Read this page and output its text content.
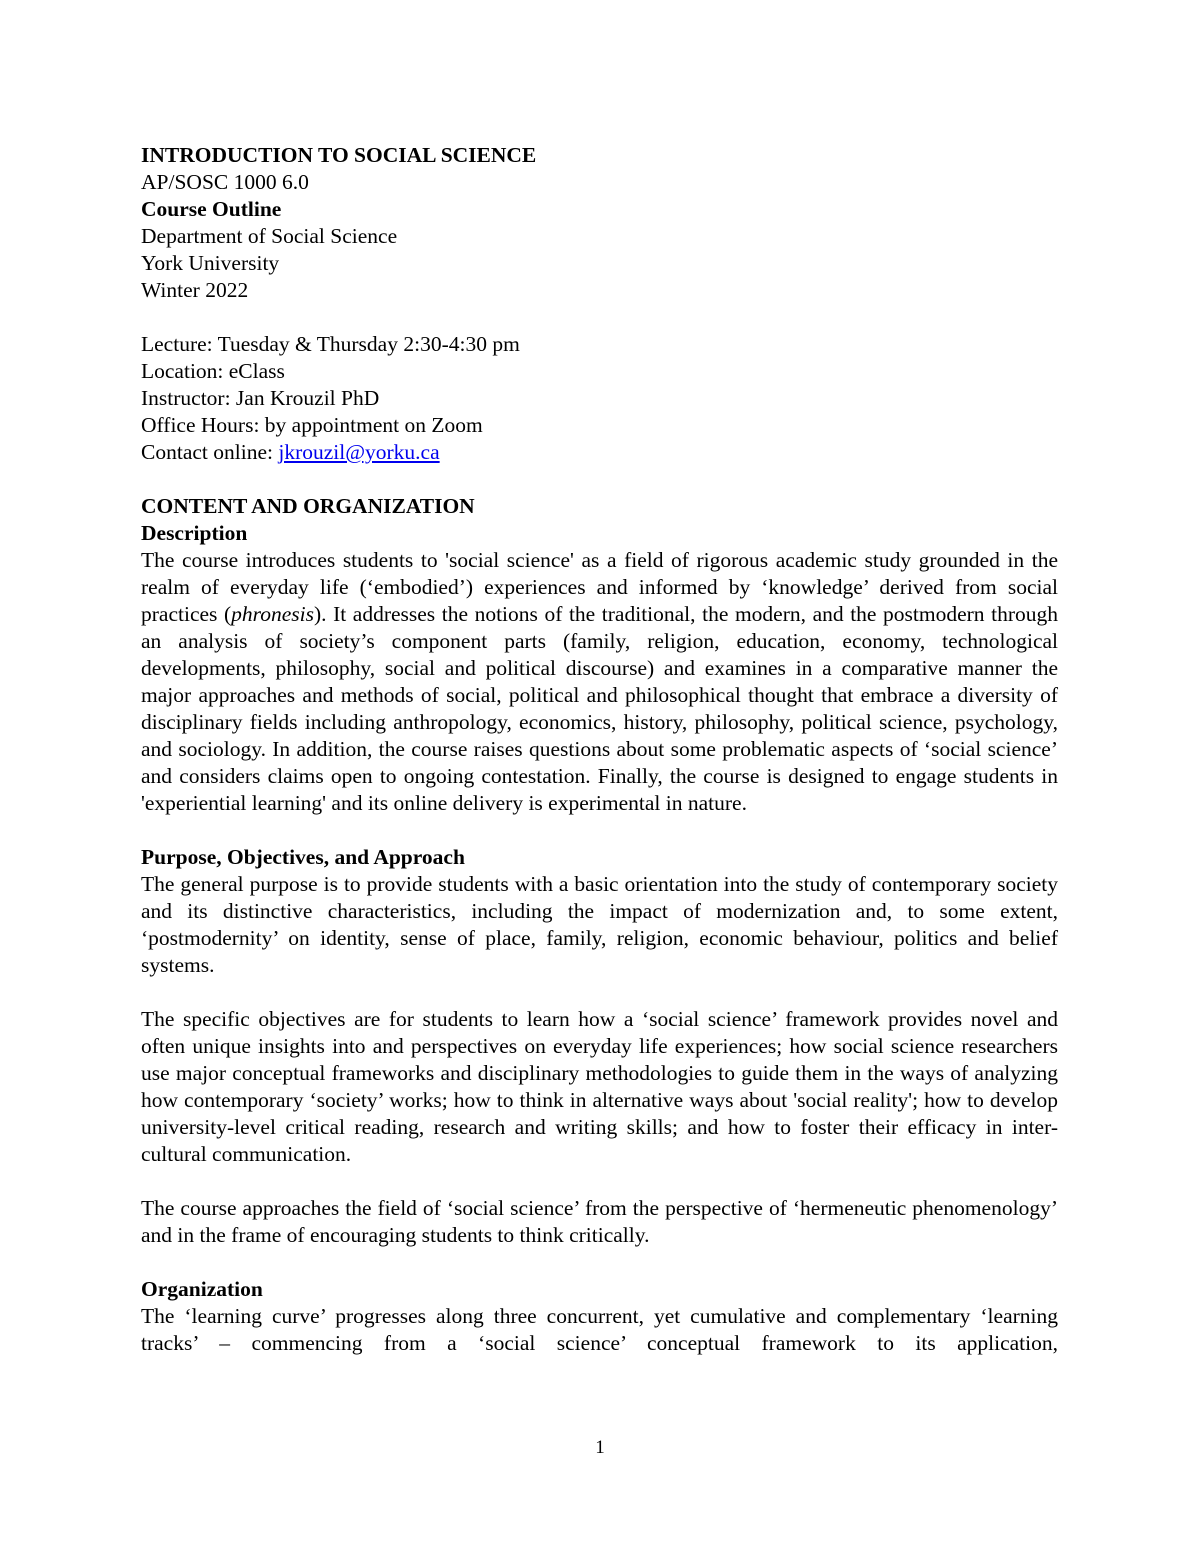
INTRODUCTION TO SOCIAL SCIENCE
AP/SOSC 1000 6.0
Course Outline
Department of Social Science
York University
Winter 2022
Lecture: Tuesday & Thursday 2:30-4:30 pm
Location: eClass
Instructor: Jan Krouzil PhD
Office Hours: by appointment on Zoom
Contact online: jkrouzil@yorku.ca
CONTENT AND ORGANIZATION
Description

The course introduces students to 'social science' as a field of rigorous academic study grounded in the realm of everyday life (‘embodied’) experiences and informed by ‘knowledge’ derived from social practices (phronesis). It addresses the notions of the traditional, the modern, and the postmodern through an analysis of society’s component parts (family, religion, education, economy, technological developments, philosophy, social and political discourse) and examines in a comparative manner the major approaches and methods of social, political and philosophical thought that embrace a diversity of disciplinary fields including anthropology, economics, history, philosophy, political science, psychology, and sociology. In addition, the course raises questions about some problematic aspects of ‘social science’ and considers claims open to ongoing contestation. Finally, the course is designed to engage students in 'experiential learning' and its online delivery is experimental in nature.

Purpose, Objectives, and Approach

The general purpose is to provide students with a basic orientation into the study of contemporary society and its distinctive characteristics, including the impact of modernization and, to some extent, ‘postmodernity’ on identity, sense of place, family, religion, economic behaviour, politics and belief systems.

The specific objectives are for students to learn how a ‘social science’ framework provides novel and often unique insights into and perspectives on everyday life experiences; how social science researchers use major conceptual frameworks and disciplinary methodologies to guide them in the ways of analyzing how contemporary ‘society’ works; how to think in alternative ways about 'social reality'; how to develop university-level critical reading, research and writing skills; and how to foster their efficacy in inter-cultural communication.

The course approaches the field of ‘social science’ from the perspective of ‘hermeneutic phenomenology’ and in the frame of encouraging students to think critically.

Organization

The ‘learning curve’ progresses along three concurrent, yet cumulative and complementary ‘learning tracks’ – commencing from a ‘social science’ conceptual framework to its application,

1
